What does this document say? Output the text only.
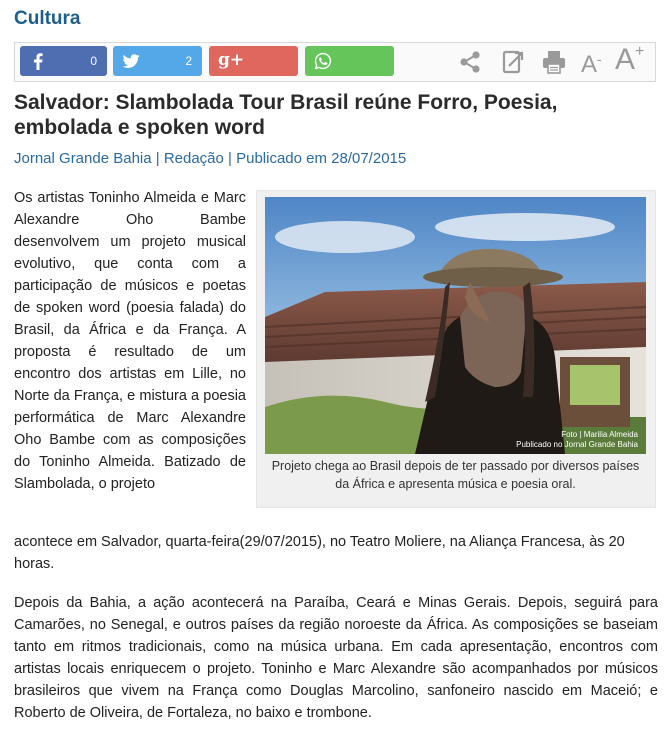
Cultura
0	2 g+	A- A+
Salvador: Slambolada Tour Brasil reúne Forro, Poesia, embolada e spoken word
Jornal Grande Bahia | Redação | Publicado em 28/07/2015
Foto | Marilia Almeida
Publicado no Jornal Grande Bahia
Projeto chega ao Brasil depois de ter passado por diversos países da África e apresenta música e poesia oral.
Os artistas Toninho Almeida e Marc Alexandre Oho Bambe desenvolvem um projeto musical evolutivo, que conta com a participação de músicos e poetas de spoken word (poesia falada) do Brasil, da África e da França. A proposta é resultado de um encontro dos artistas em Lille, no Norte da França, e mistura a poesia performática de Marc Alexandre Oho Bambe com as composições do Toninho Almeida. Batizado de Slambolada, o projeto
acontece em Salvador, quarta-feira(29/07/2015), no Teatro Moliere, na Aliança Francesa, às 20 horas.
Depois da Bahia, a ação acontecerá na Paraíba, Ceará e Minas Gerais. Depois, seguirá para Camarões, no Senegal, e outros países da região noroeste da África. As composições se baseiam tanto em ritmos tradicionais, como na música urbana. Em cada apresentação, encontros com artistas locais enriquecem o projeto. Toninho e Marc Alexandre são acompanhados por músicos brasileiros que vivem na França como Douglas Marcolino, sanfoneiro nascido em Maceió; e Roberto de Oliveira, de Fortaleza, no baixo e trombone.
